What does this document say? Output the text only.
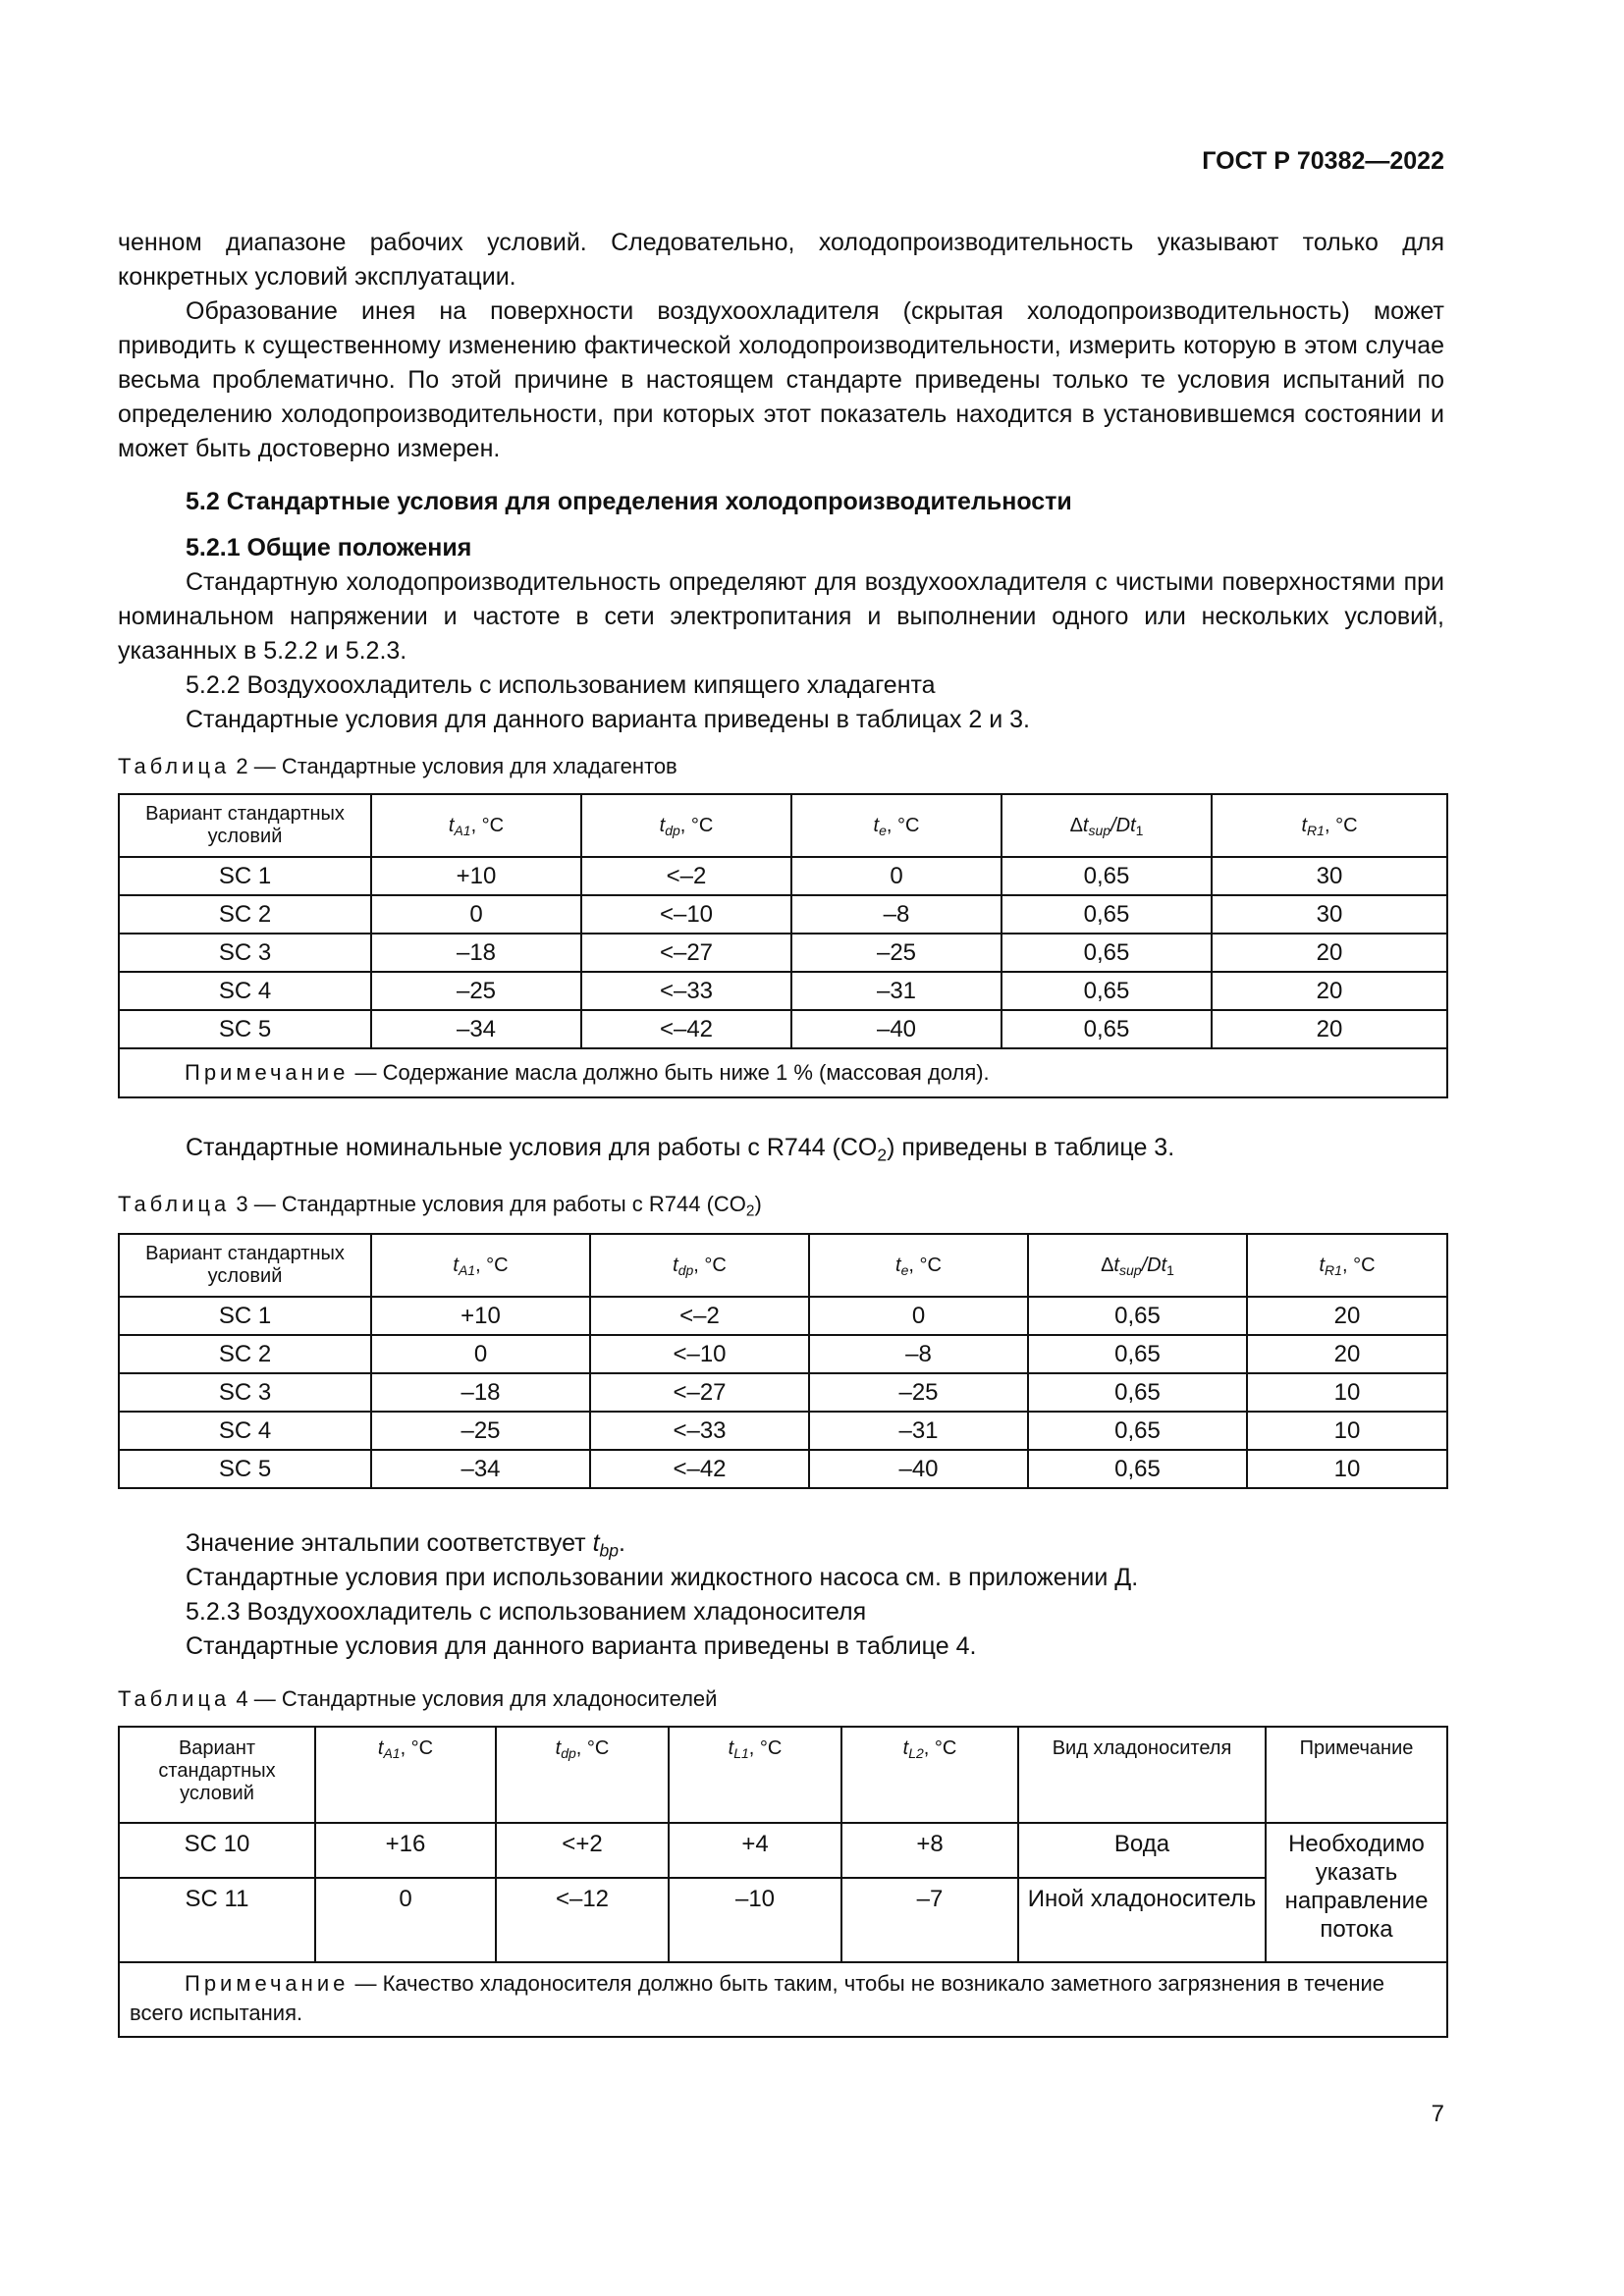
ГОСТ Р 70382—2022

ченном диапазоне рабочих условий. Следовательно, холодопроизводительность указывают только для конкретных условий эксплуатации.

Образование инея на поверхности воздухоохладителя (скрытая холодопроизводительность) может приводить к существенному изменению фактической холодопроизводительности, измерить которую в этом случае весьма проблематично. По этой причине в настоящем стандарте приведены только те условия испытаний по определению холодопроизводительности, при которых этот показатель находится в установившемся состоянии и может быть достоверно измерен.

5.2 Стандартные условия для определения холодопроизводительности

5.2.1 Общие положения

Стандартную холодопроизводительность определяют для воздухоохладителя с чистыми поверхностями при номинальном напряжении и частоте в сети электропитания и выполнении одного или нескольких условий, указанных в 5.2.2 и 5.2.3.

5.2.2 Воздухоохладитель с использованием кипящего хладагента

Стандартные условия для данного варианта приведены в таблицах 2 и 3.

Таблица 2 — Стандартные условия для хладагентов
Вариант стандартных условий	$t_{A1}$, °С	$t_{dp}$, °С	$t_e$, °С	$\Delta t_{sup}/Dt_1$	$t_{R1}$, °С
SC 1	+10	<–2	0	0,65	30
SC 2	0	<–10	–8	0,65	30
SC 3	–18	<–27	–25	0,65	20
SC 4	–25	<–33	–31	0,65	20
SC 5	–34	<–42	–40	0,65	20
Примечание — Содержание масла должно быть ниже 1 % (массовая доля).					

Стандартные номинальные условия для работы с R744 $(CO_2)$ приведены в таблице 3.

Таблица 3 — Стандартные условия для работы с R744 $(CO_2)$
Вариант стандартных условий	$t_{A1}$, °С	$t_{dp}$, °С	$t_e$, °С	$\Delta t_{sup}/Dt_1$	$t_{R1}$, °С
SC 1	+10	<–2	0	0,65	20
SC 2	0	<–10	–8	0,65	20
SC 3	–18	<–27	–25	0,65	10
SC 4	–25	<–33	–31	0,65	10
SC 5	–34	<–42	–40	0,65	10

Значение энтальпии соответствует $t_{bp}$.

Стандартные условия при использовании жидкостного насоса см. в приложении Д.

5.2.3 Воздухоохладитель с использованием хладоносителя

Стандартные условия для данного варианта приведены в таблице 4.

Таблица 4 — Стандартные условия для хладоносителей
Вариант стандартных условий	$t_{A1}$, °С	$t_{dp}$, °С	$t_{L1}$, °С	$t_{L2}$, °С	Вид хладоносителя	Примечание
SC 10	+16	<+2	+4	+8	Вода	Необходимо указать направление потока
SC 11	0	<–12	–10	–7	Иной хладоноситель	
Примечание — Качество хладоносителя должно быть таким, чтобы не возникало заметного загрязнения в течение всего испытания.						
7
